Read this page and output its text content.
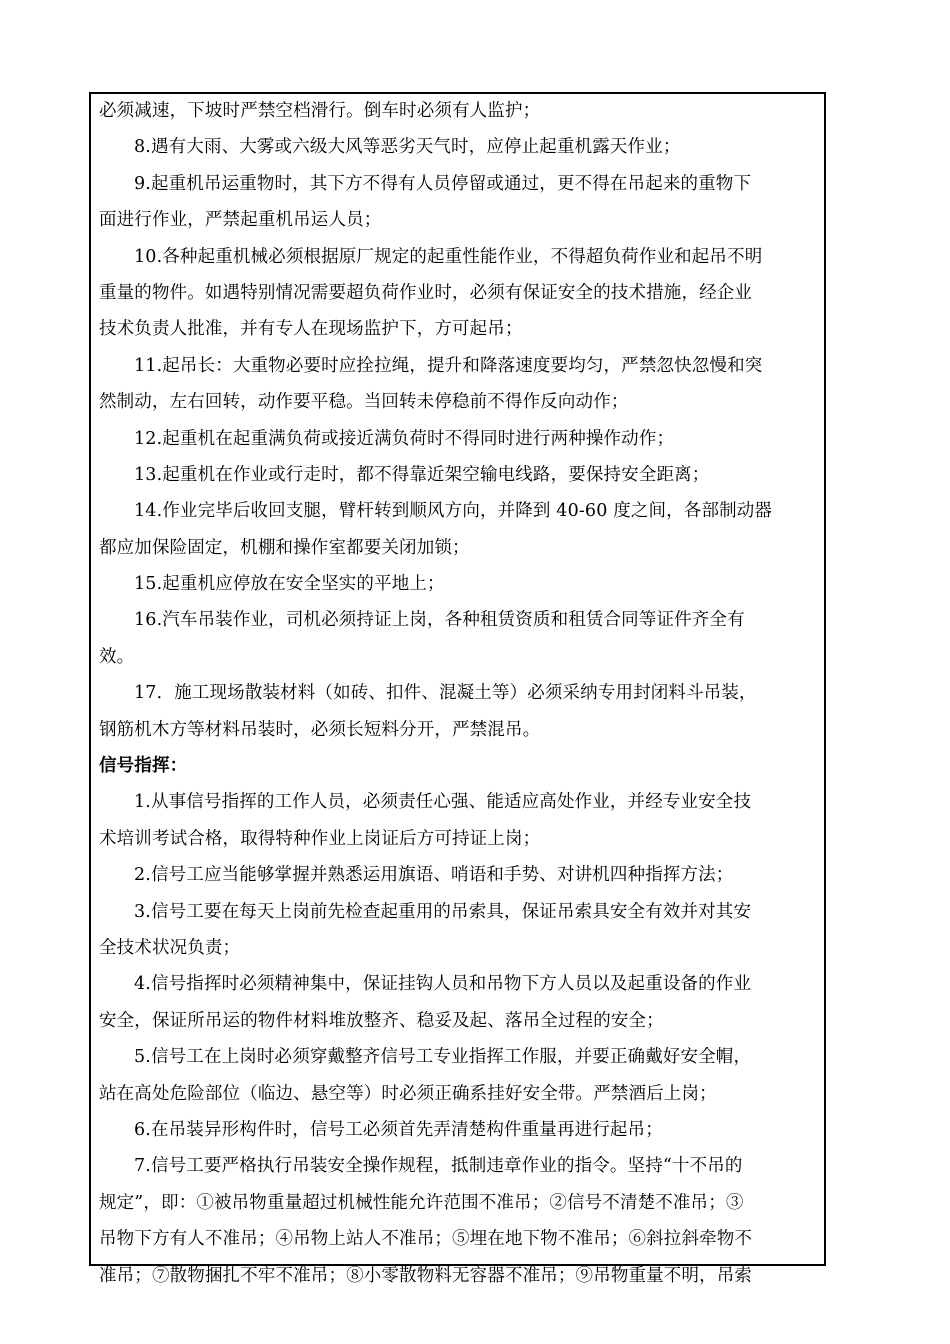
必须减速，下坡时严禁空档滑行。倒车时必须有人监护；
8.遇有大雨、大雾或六级大风等恶劣天气时，应停止起重机露天作业；
9.起重机吊运重物时，其下方不得有人员停留或通过，更不得在吊起来的重物下
面进行作业，严禁起重机吊运人员；
10.各种起重机械必须根据原厂规定的起重性能作业，不得超负荷作业和起吊不明
重量的物件。如遇特别情况需要超负荷作业时，必须有保证安全的技术措施，经企业
技术负责人批准，并有专人在现场监护下，方可起吊；
11.起吊长：大重物必要时应拴拉绳，提升和降落速度要均匀，严禁忽快忽慢和突
然制动，左右回转，动作要平稳。当回转未停稳前不得作反向动作；
12.起重机在起重满负荷或接近满负荷时不得同时进行两种操作动作；
13.起重机在作业或行走时，都不得靠近架空输电线路，要保持安全距离；
14.作业完毕后收回支腿，臂杆转到顺风方向，并降到 40-60 度之间，各部制动器
都应加保险固定，机棚和操作室都要关闭加锁；
15.起重机应停放在安全坚实的平地上；
16.汽车吊装作业，司机必须持证上岗，各种租赁资质和租赁合同等证件齐全有
效。
17．施工现场散装材料（如砖、扣件、混凝土等）必须采纳专用封闭料斗吊装，
钢筋机木方等材料吊装时，必须长短料分开，严禁混吊。
信号指挥：
1.从事信号指挥的工作人员，必须责任心强、能适应高处作业，并经专业安全技
术培训考试合格，取得特种作业上岗证后方可持证上岗；
2.信号工应当能够掌握并熟悉运用旗语、哨语和手势、对讲机四种指挥方法；
3.信号工要在每天上岗前先检查起重用的吊索具，保证吊索具安全有效并对其安
全技术状况负责；
4.信号指挥时必须精神集中，保证挂钩人员和吊物下方人员以及起重设备的作业
安全，保证所吊运的物件材料堆放整齐、稳妥及起、落吊全过程的安全；
5.信号工在上岗时必须穿戴整齐信号工专业指挥工作服，并要正确戴好安全帽，
站在高处危险部位（临边、悬空等）时必须正确系挂好安全带。严禁酒后上岗；
6.在吊装异形构件时，信号工必须首先弄清楚构件重量再进行起吊；
7.信号工要严格执行吊装安全操作规程，抵制违章作业的指令。坚持“十不吊的
规定”，即：①被吊物重量超过机械性能允许范围不准吊；②信号不清楚不准吊；③
吊物下方有人不准吊；④吊物上站人不准吊；⑤埋在地下物不准吊；⑥斜拉斜牵物不
准吊；⑦散物捆扎不牢不准吊；⑧小零散物料无容器不准吊；⑨吊物重量不明，吊索
